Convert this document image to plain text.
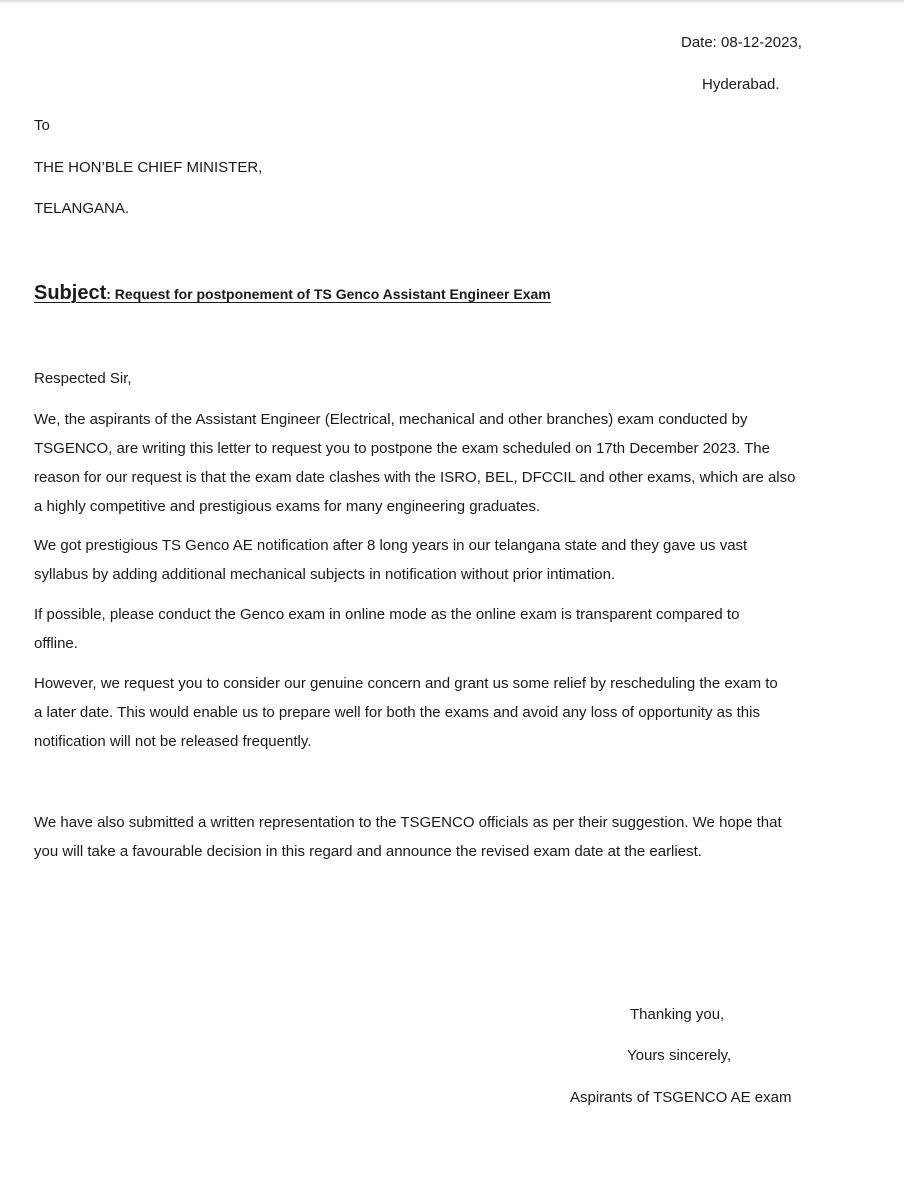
Date: 08-12-2023,
Hyderabad.
To
THE HON’BLE CHIEF MINISTER,
TELANGANA.
Subject: Request for postponement of TS Genco Assistant Engineer Exam
Respected Sir,
We, the aspirants of the Assistant Engineer (Electrical, mechanical and other branches) exam conducted by
TSGENCO, are writing this letter to request you to postpone the exam scheduled on 17th December 2023. The
reason for our request is that the exam date clashes with the ISRO, BEL, DFCCIL and other exams, which are also
a highly competitive and prestigious exams for many engineering graduates.
We got prestigious TS Genco AE notification after 8 long years in our telangana state and they gave us vast
syllabus by adding additional mechanical subjects in notification without prior intimation.
If possible, please conduct the Genco exam in online mode as the online exam is transparent compared to
offline.
However, we request you to consider our genuine concern and grant us some relief by rescheduling the exam to
a later date. This would enable us to prepare well for both the exams and avoid any loss of opportunity as this
notification will not be released frequently.
We have also submitted a written representation to the TSGENCO officials as per their suggestion. We hope that
you will take a favourable decision in this regard and announce the revised exam date at the earliest.
Thanking you,
Yours sincerely,
Aspirants of TSGENCO AE exam
